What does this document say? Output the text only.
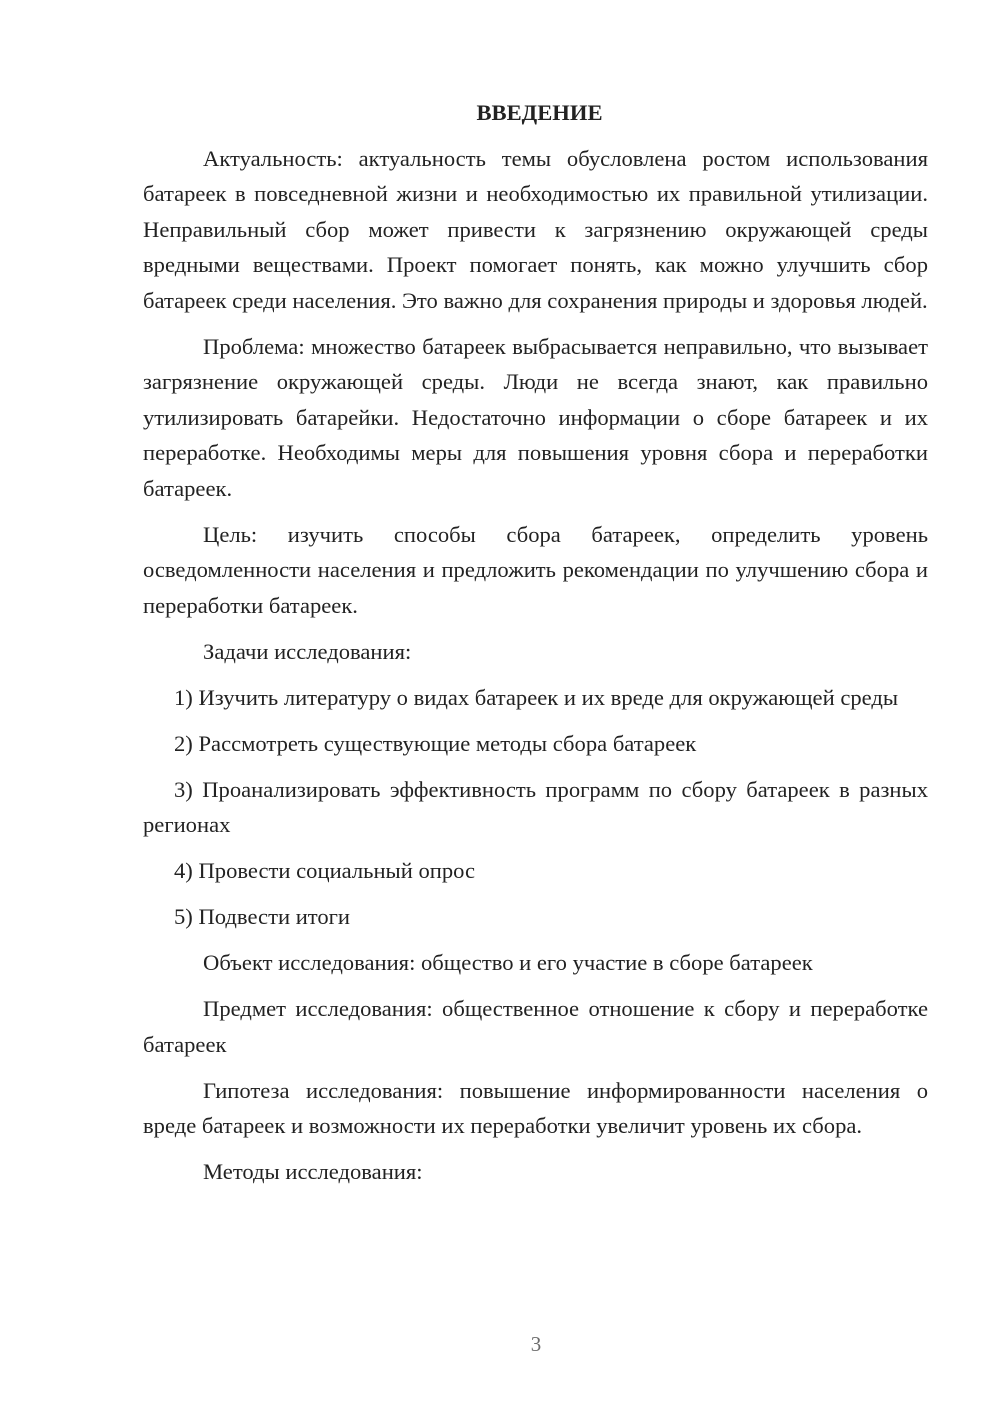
ВВЕДЕНИЕ

Актуальность: актуальность темы обусловлена ростом использования батареек в повседневной жизни и необходимостью их правильной утилизации. Неправильный сбор может привести к загрязнению окружающей среды вредными веществами. Проект помогает понять, как можно улучшить сбор батареек среди населения. Это важно для сохранения природы и здоровья людей.

Проблема: множество батареек выбрасывается неправильно, что вызывает загрязнение окружающей среды. Люди не всегда знают, как правильно утилизировать батарейки. Недостаточно информации о сборе батареек и их переработке. Необходимы меры для повышения уровня сбора и переработки батареек.

Цель: изучить способы сбора батареек, определить уровень осведомленности населения и предложить рекомендации по улучшению сбора и переработки батареек.

Задачи исследования:

1) Изучить литературу о видах батареек и их вреде для окружающей среды

2) Рассмотреть существующие методы сбора батареек

3) Проанализировать эффективность программ по сбору батареек в разных регионах

4) Провести социальный опрос

5) Подвести итоги

Объект исследования: общество и его участие в сборе батареек

Предмет исследования: общественное отношение к сбору и переработке батареек

Гипотеза исследования: повышение информированности населения о вреде батареек и возможности их переработки увеличит уровень их сбора.

Методы исследования:

3
